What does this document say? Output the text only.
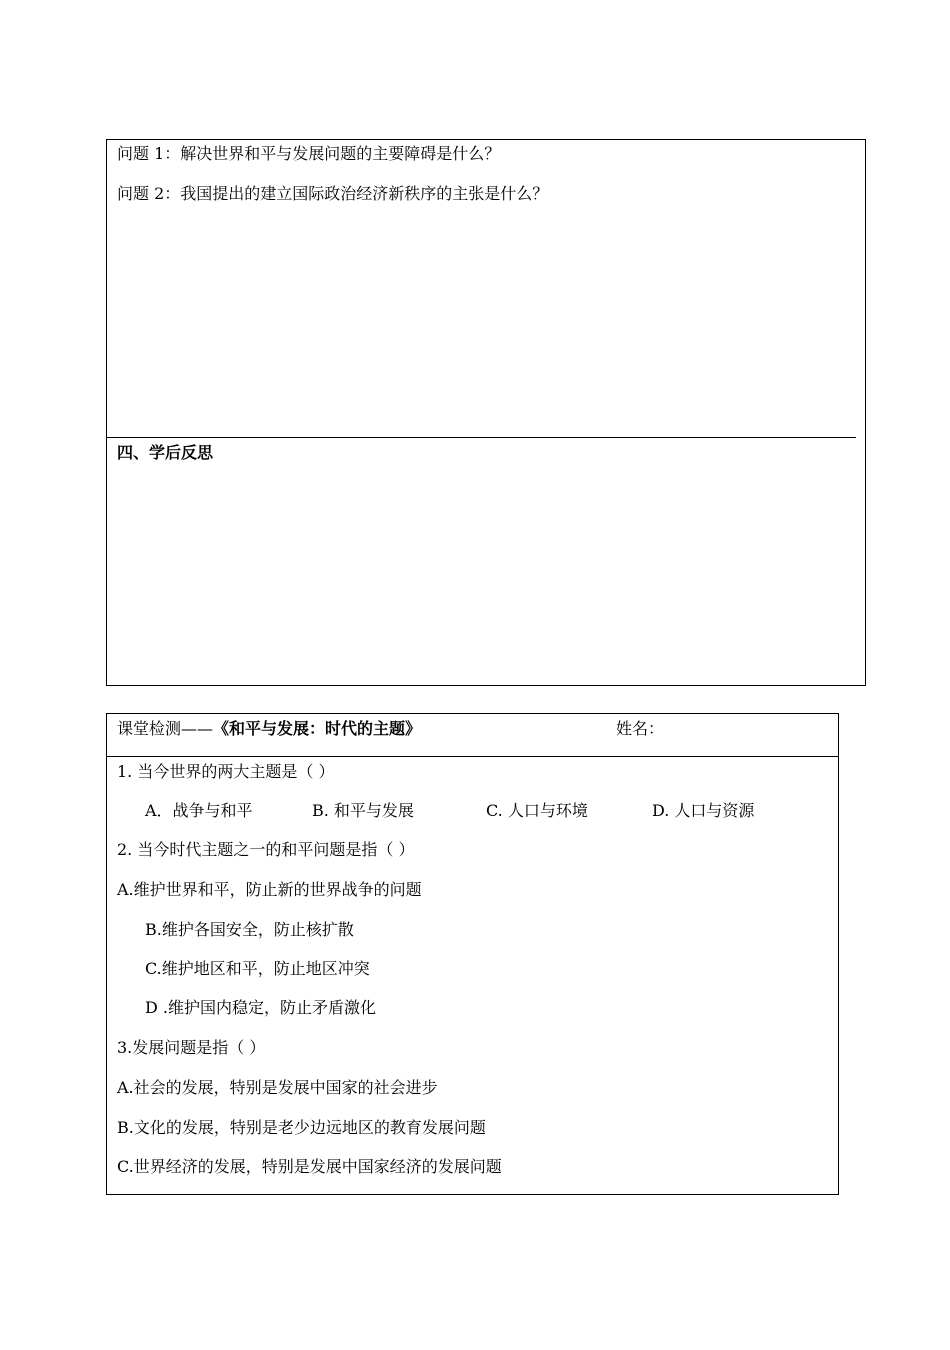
问题 1：解决世界和平与发展问题的主要障碍是什么？
问题 2：我国提出的建立国际政治经济新秩序的主张是什么？
四、学后反思
课堂检测——《和平与发展：时代的主题》	姓名：
1. 当今世界的两大主题是（ ）
A．战争与和平	B. 和平与发展	C. 人口与环境	D. 人口与资源
2. 当今时代主题之一的和平问题是指（ ）
A.维护世界和平，防止新的世界战争的问题
B.维护各国安全，防止核扩散
C.维护地区和平，防止地区冲突
D .维护国内稳定，防止矛盾激化
3.发展问题是指（ ）
A.社会的发展，特别是发展中国家的社会进步
B.文化的发展，特别是老少边远地区的教育发展问题
C.世界经济的发展，特别是发展中国家经济的发展问题
